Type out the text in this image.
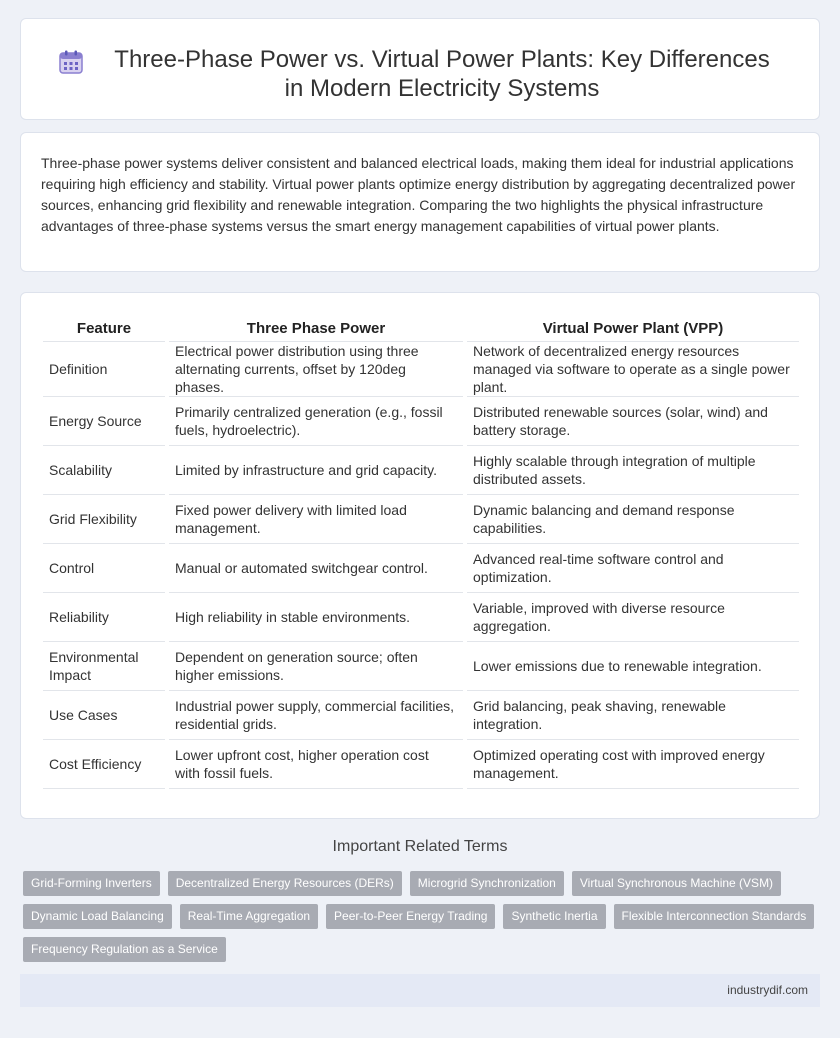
Three-Phase Power vs. Virtual Power Plants: Key Differences in Modern Electricity Systems

Three-phase power systems deliver consistent and balanced electrical loads, making them ideal for industrial applications requiring high efficiency and stability. Virtual power plants optimize energy distribution by aggregating decentralized power sources, enhancing grid flexibility and renewable integration. Comparing the two highlights the physical infrastructure advantages of three-phase systems versus the smart energy management capabilities of virtual power plants.

Feature	Three Phase Power	Virtual Power Plant (VPP)
Definition	Electrical power distribution using three alternating currents, offset by 120deg phases.	Network of decentralized energy resources managed via software to operate as a single power plant.
Energy Source	Primarily centralized generation (e.g., fossil fuels, hydroelectric).	Distributed renewable sources (solar, wind) and battery storage.
Scalability	Limited by infrastructure and grid capacity.	Highly scalable through integration of multiple distributed assets.
Grid Flexibility	Fixed power delivery with limited load management.	Dynamic balancing and demand response capabilities.
Control	Manual or automated switchgear control.	Advanced real-time software control and optimization.
Reliability	High reliability in stable environments.	Variable, improved with diverse resource aggregation.
Environmental Impact	Dependent on generation source; often higher emissions.	Lower emissions due to renewable integration.
Use Cases	Industrial power supply, commercial facilities, residential grids.	Grid balancing, peak shaving, renewable integration.
Cost Efficiency	Lower upfront cost, higher operation cost with fossil fuels.	Optimized operating cost with improved energy management.
Important Related Terms
Grid-Forming Inverters	Decentralized Energy Resources (DERs)	Microgrid Synchronization	Virtual Synchronous Machine (VSM)
Dynamic Load Balancing	Real-Time Aggregation	Peer-to-Peer Energy Trading	Synthetic Inertia	Flexible Interconnection Standards
Frequency Regulation as a Service
industrydif.com
